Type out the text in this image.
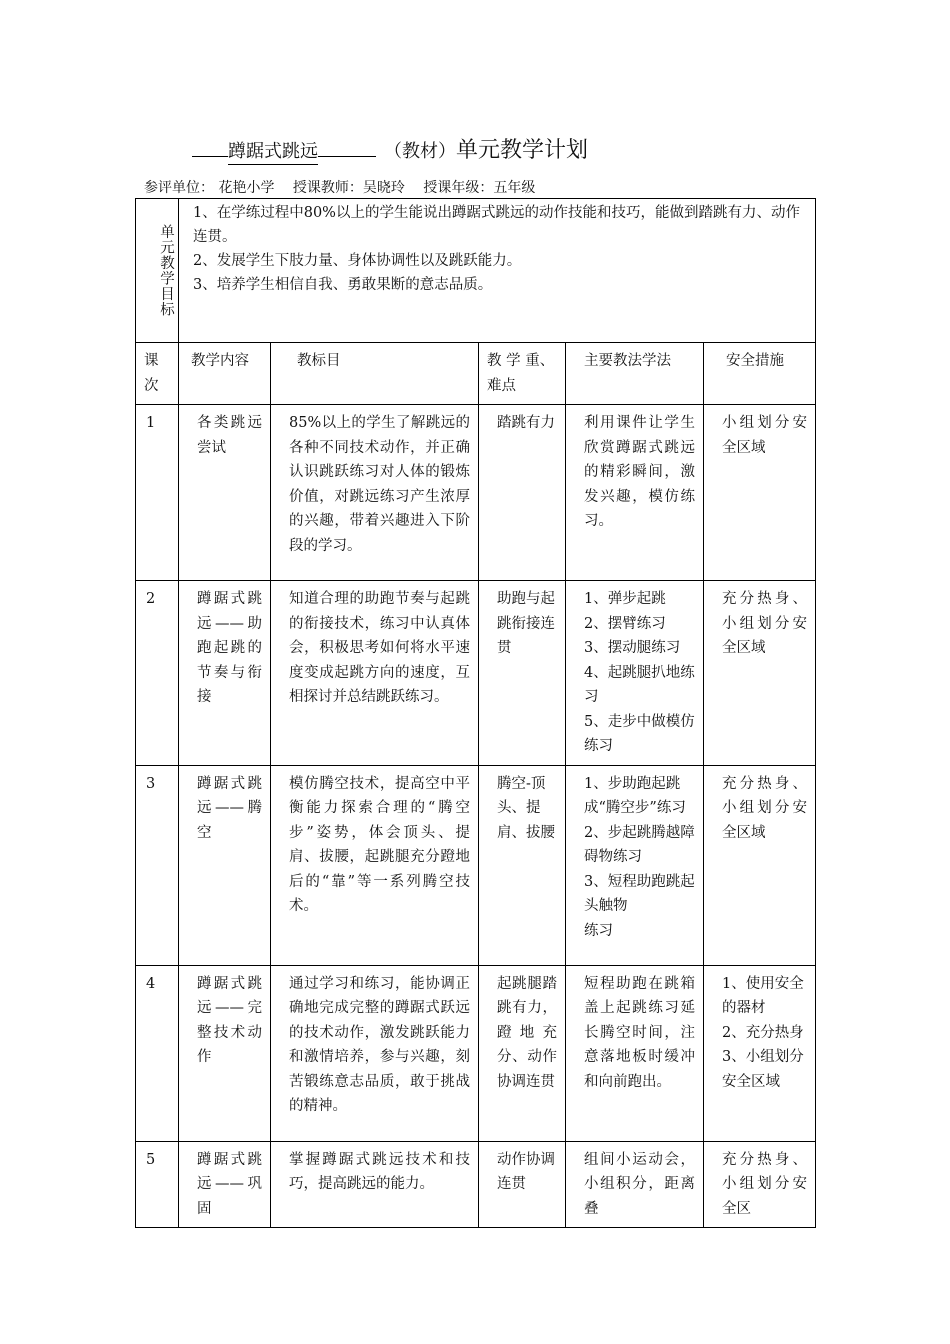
蹲踞式跳远	（教材）单元教学计划
参评单位： 花艳小学 授课教师：吴晓玲 授课年级：五年级
单元教学目标	1、在学练过程中80%以上的学生能说出蹲踞式跳远的动作技能和技巧，能做到踏跳有力、动作连贯。
2、发展学生下肢力量、身体协调性以及跳跃能力。
3、培养学生相信自我、勇敢果断的意志品质。				

课次	教学内容	教标目	教 学 重、难点	主要教法学法	安全措施
1	各类跳远尝试	85%以上的学生了解跳远的各种不同技术动作，并正确认识跳跃练习对人体的锻炼价值，对跳远练习产生浓厚的兴趣，带着兴趣进入下阶段的学习。	踏跳有力	利用课件让学生欣赏蹲踞式跳远的精彩瞬间，激发兴趣，模仿练习。	小组划分安全区域
2	蹲踞式跳远——助跑起跳的节奏与衔接	知道合理的助跑节奏与起跳的衔接技术，练习中认真体会，积极思考如何将水平速度变成起跳方向的速度，互相探讨并总结跳跃练习。	助跑与起跳衔接连贯	1、弹步起跳
2、摆臂练习
3、摆动腿练习
4、起跳腿扒地练习
5、走步中做模仿练习	充分热身、小组划分安全区域
3	蹲踞式跳远——腾空	模仿腾空技术，提高空中平衡能力探索合理的“腾空步”姿势，体会顶头、提肩、拔腰，起跳腿充分蹬地后的“靠”等一系列腾空技术。	腾空-顶头、提肩、拔腰	1、步助跑起跳成“腾空步”练习
2、步起跳腾越障碍物练习
3、短程助跑跳起头触物
练习	充分热身、小组划分安全区域
4	蹲踞式跳远——完整技术动作	通过学习和练习，能协调正确地完成完整的蹲踞式跃远的技术动作，激发跳跃能力和激情培养，参与兴趣，刻苦锻练意志品质，敢于挑战的精神。	起跳腿踏跳有力，蹬地充分、动作协调连贯	短程助跑在跳箱盖上起跳练习延长腾空时间，注意落地板时缓冲和向前跑出。	1、使用安全的器材
2、充分热身 3、小组划分安全区域
5	蹲踞式跳远——巩固	掌握蹲踞式跳远技术和技巧，提高跳远的能力。	动作协调连贯	组间小运动会，小组积分，距离叠	充分热身、小组划分安全区
